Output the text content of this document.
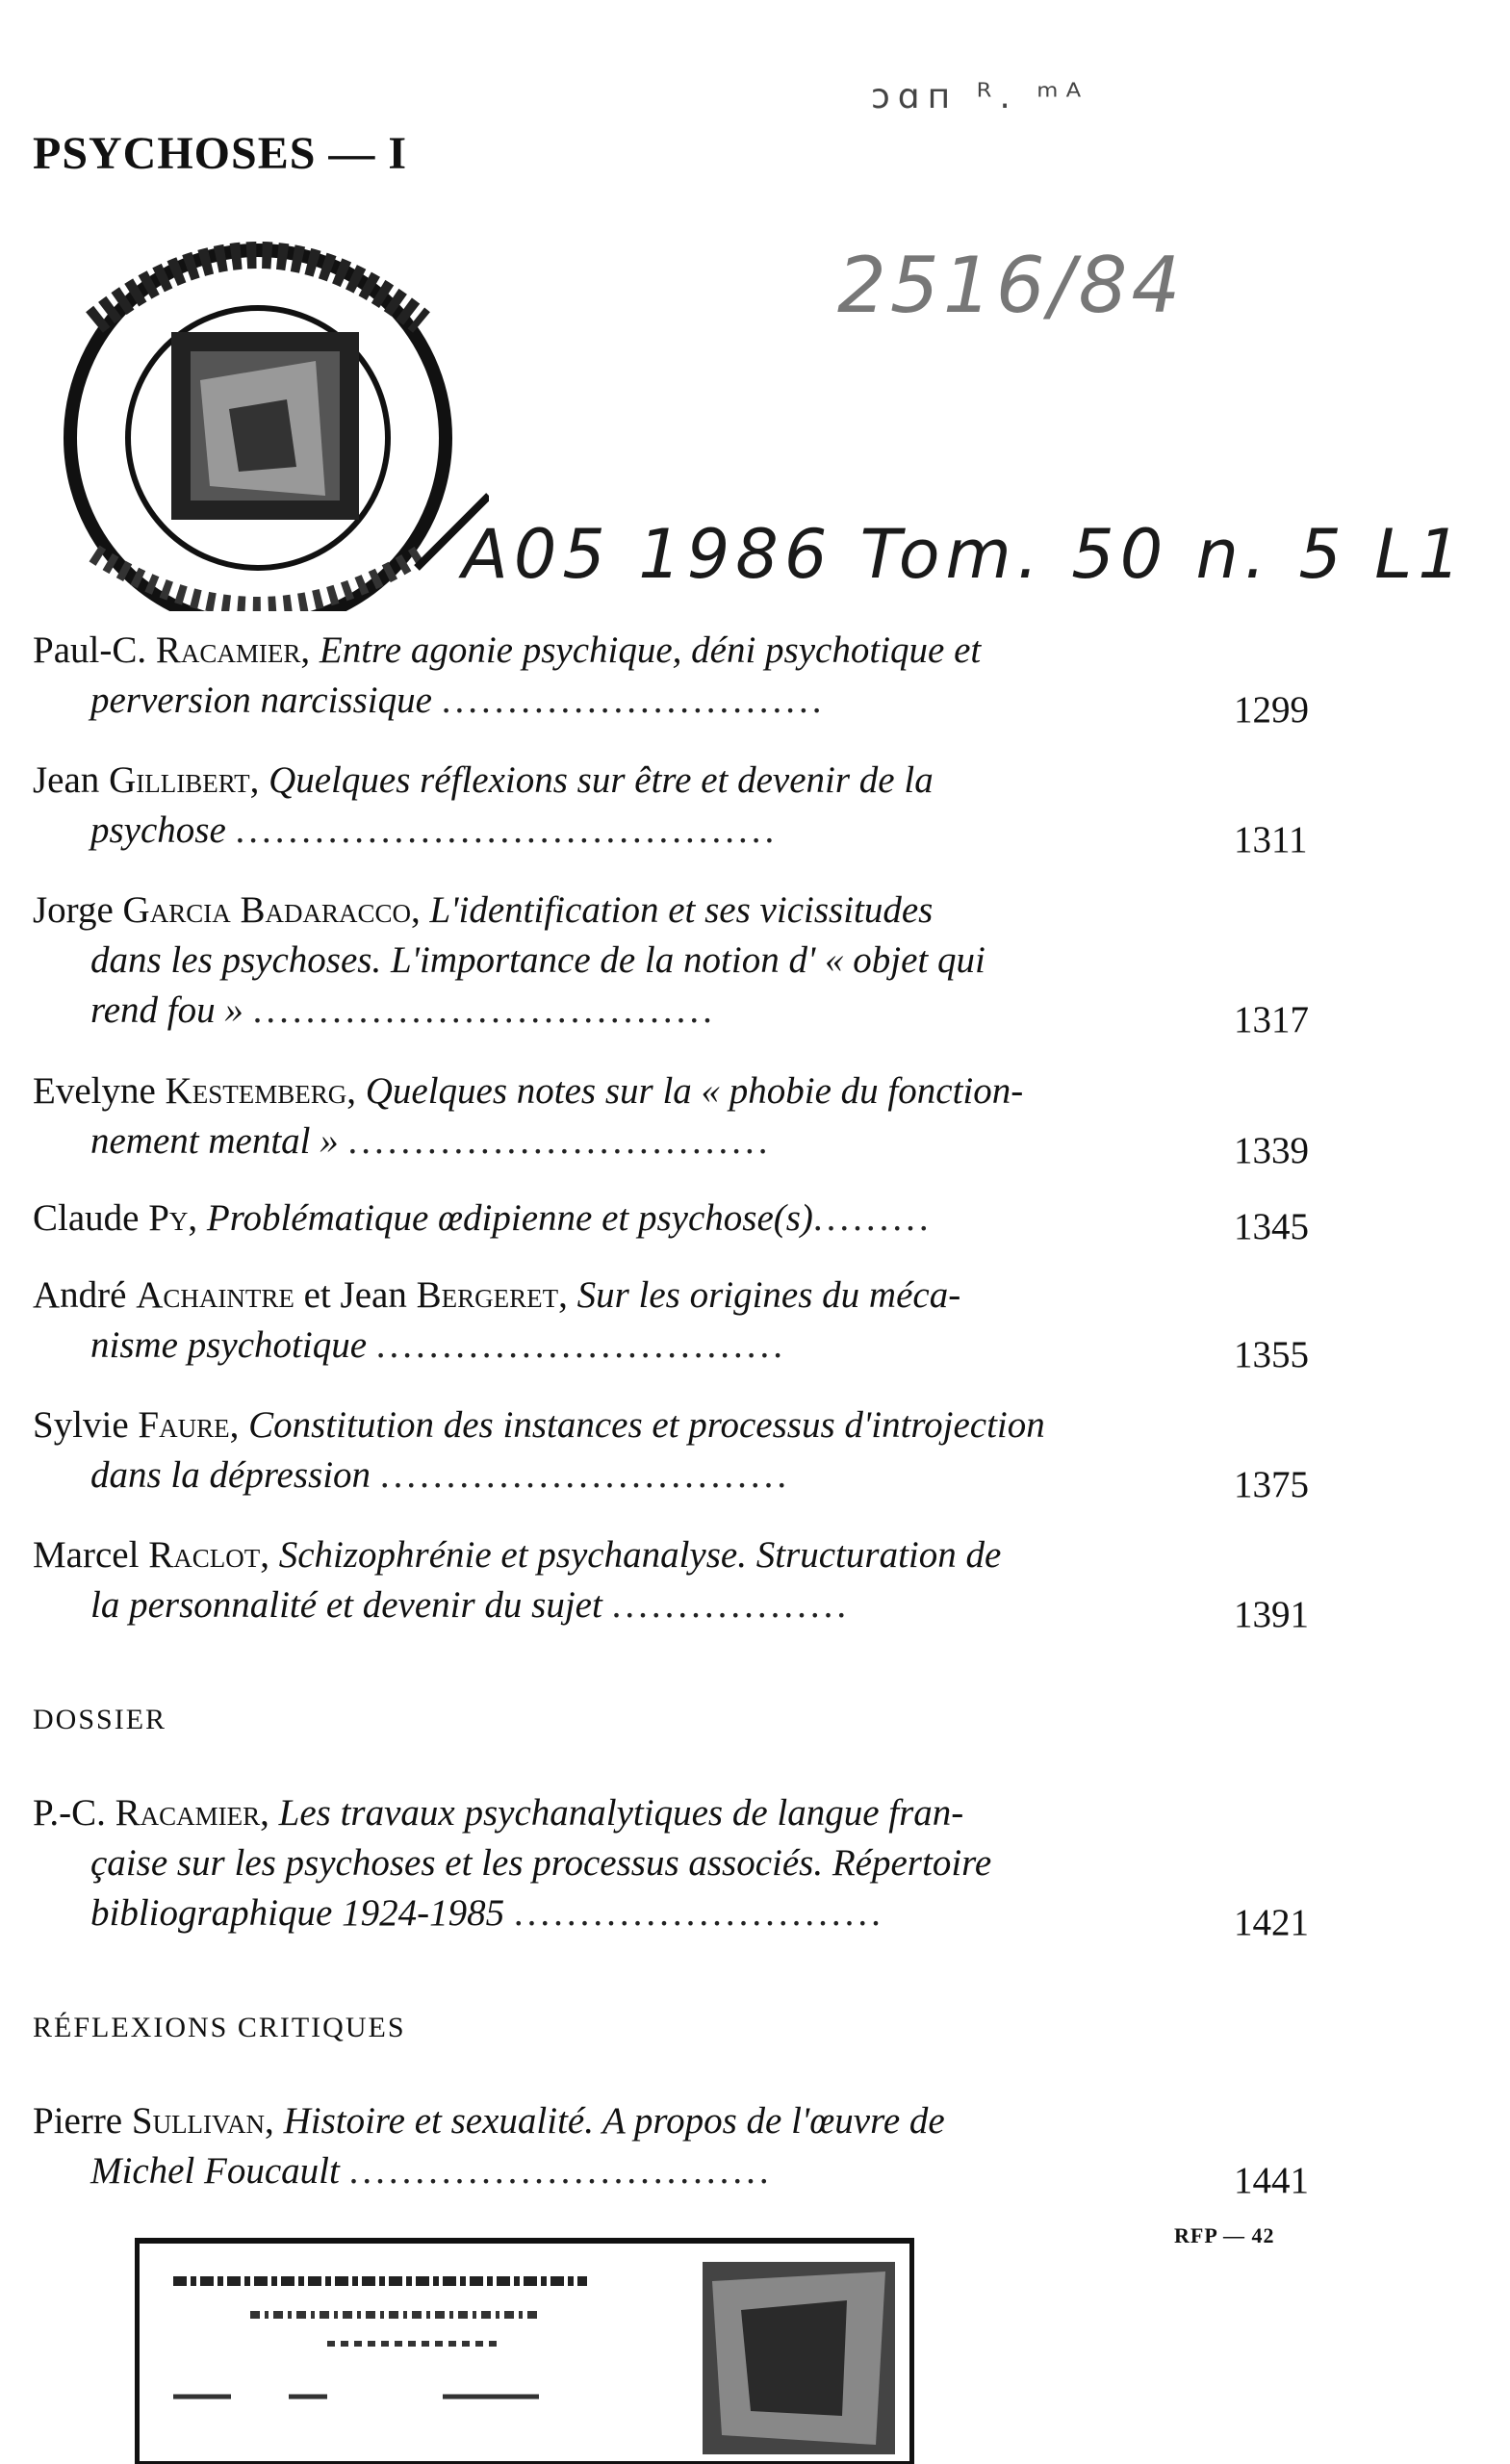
PSYCHOSES — I
ↄɑп ᴿ. ᵐᴬ
2516/84
A05 1986 Tom. 50 n. 5 L1
Paul-C. Racamier, Entre agonie psychique, déni psychotique et
perversion narcissique .............................	1299
Jean Gillibert, Quelques réflexions sur être et devenir de la
psychose .........................................	1311
Jorge Garcia Badaracco, L'identification et ses vicissitudes
dans les psychoses. L'importance de la notion d' « objet qui
rend fou » ...................................	1317
Evelyne Kestemberg, Quelques notes sur la « phobie du fonction-
nement mental » ................................	1339
Claude Py, Problématique œdipienne et psychose(s).........	1345
André Achaintre et Jean Bergeret, Sur les origines du méca-
nisme psychotique ...............................	1355
Sylvie Faure, Constitution des instances et processus d'introjection
dans la dépression ...............................	1375
Marcel Raclot, Schizophrénie et psychanalyse. Structuration de
la personnalité et devenir du sujet ..................	1391
DOSSIER
P.-C. Racamier, Les travaux psychanalytiques de langue fran-
çaise sur les psychoses et les processus associés. Répertoire
bibliographique 1924-1985 ............................	1421
RÉFLEXIONS CRITIQUES
Pierre Sullivan, Histoire et sexualité. A propos de l'œuvre de
Michel Foucault ................................	1441
RFP — 42
